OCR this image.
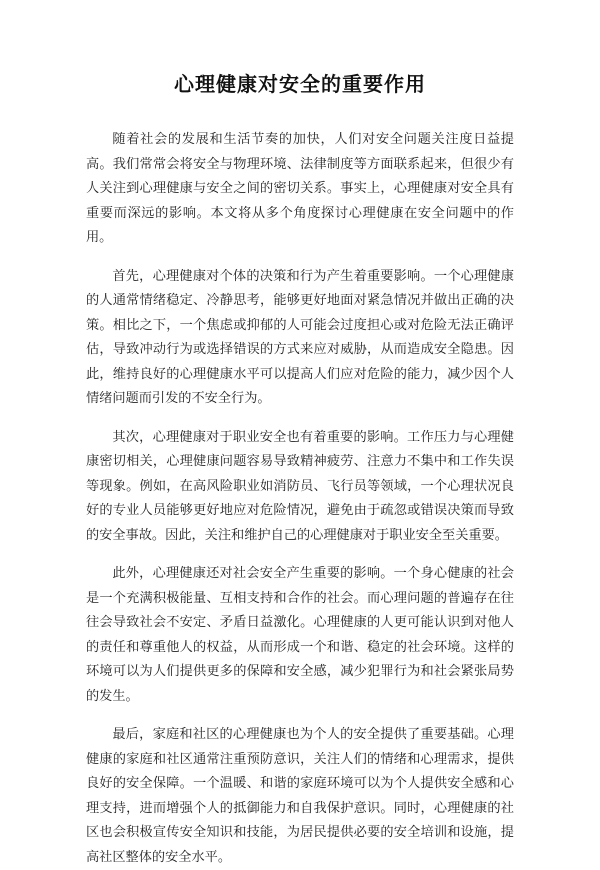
心理健康对安全的重要作用

随着社会的发展和生活节奏的加快，人们对安全问题关注度日益提高。我们常常会将安全与物理环境、法律制度等方面联系起来，但很少有人关注到心理健康与安全之间的密切关系。事实上，心理健康对安全具有重要而深远的影响。本文将从多个角度探讨心理健康在安全问题中的作用。

首先，心理健康对个体的决策和行为产生着重要影响。一个心理健康的人通常情绪稳定、冷静思考，能够更好地面对紧急情况并做出正确的决策。相比之下，一个焦虑或抑郁的人可能会过度担心或对危险无法正确评估，导致冲动行为或选择错误的方式来应对威胁，从而造成安全隐患。因此，维持良好的心理健康水平可以提高人们应对危险的能力，减少因个人情绪问题而引发的不安全行为。

其次，心理健康对于职业安全也有着重要的影响。工作压力与心理健康密切相关，心理健康问题容易导致精神疲劳、注意力不集中和工作失误等现象。例如，在高风险职业如消防员、飞行员等领域，一个心理状况良好的专业人员能够更好地应对危险情况，避免由于疏忽或错误决策而导致的安全事故。因此，关注和维护自己的心理健康对于职业安全至关重要。

此外，心理健康还对社会安全产生重要的影响。一个身心健康的社会是一个充满积极能量、互相支持和合作的社会。而心理问题的普遍存在往往会导致社会不安定、矛盾日益激化。心理健康的人更可能认识到对他人的责任和尊重他人的权益，从而形成一个和谐、稳定的社会环境。这样的环境可以为人们提供更多的保障和安全感，减少犯罪行为和社会紧张局势的发生。

最后，家庭和社区的心理健康也为个人的安全提供了重要基础。心理健康的家庭和社区通常注重预防意识，关注人们的情绪和心理需求，提供良好的安全保障。一个温暖、和谐的家庭环境可以为个人提供安全感和心理支持，进而增强个人的抵御能力和自我保护意识。同时，心理健康的社区也会积极宣传安全知识和技能，为居民提供必要的安全培训和设施，提高社区整体的安全水平。
